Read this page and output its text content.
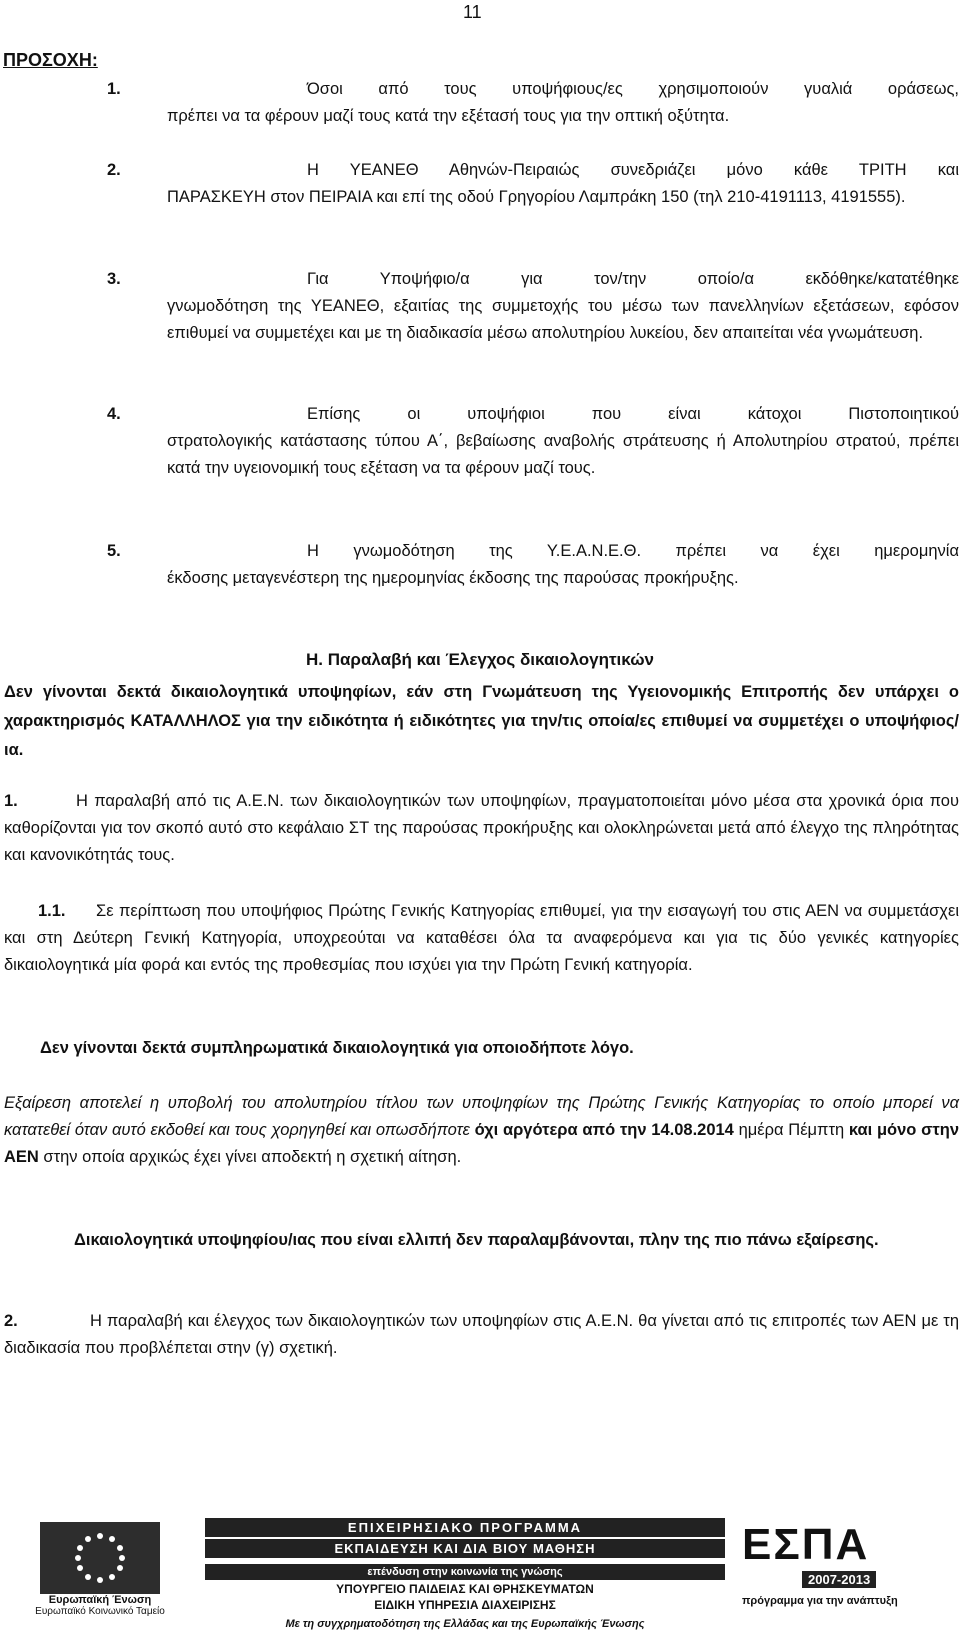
11
ΠΡΟΣΟΧΗ:
1.	Όσοι από τους υποψήφιους/ες χρησιμοποιούν γυαλιά οράσεως,
πρέπει να τα φέρουν μαζί τους κατά την εξέτασή τους για την οπτική οξύτητα.
2.	Η ΥΕΑΝΕΘ Αθηνών-Πειραιώς συνεδριάζει μόνο κάθε ΤΡΙΤΗ και
ΠΑΡΑΣΚΕΥΗ στον ΠΕΙΡΑΙΑ και επί της οδού Γρηγορίου Λαμπράκη 150 (τηλ 210-4191113, 4191555).
3.	Για Υποψήφιο/α για τον/την οποίο/α εκδόθηκε/κατατέθηκε
γνωμοδότηση της ΥΕΑΝΕΘ, εξαιτίας της συμμετοχής του μέσω των πανελληνίων εξετάσεων, εφόσον επιθυμεί να συμμετέχει και με τη διαδικασία μέσω απολυτηρίου λυκείου, δεν απαιτείται νέα γνωμάτευση.
4.	Επίσης οι υποψήφιοι που είναι κάτοχοι Πιστοποιητικού
στρατολογικής κατάστασης τύπου Α΄, βεβαίωσης αναβολής στράτευσης ή Απολυτηρίου στρατού, πρέπει κατά την υγειονομική τους εξέταση να τα φέρουν μαζί τους.
5.	Η γνωμοδότηση της Υ.Ε.Α.Ν.Ε.Θ. πρέπει να έχει ημερομηνία
έκδοσης μεταγενέστερη της ημερομηνίας έκδοσης της παρούσας προκήρυξης.
Η. Παραλαβή και Έλεγχος δικαιολογητικών
Δεν γίνονται δεκτά δικαιολογητικά υποψηφίων, εάν στη Γνωμάτευση της Υγειονομικής Επιτροπής δεν υπάρχει ο χαρακτηρισμός ΚΑΤΑΛΛΗΛΟΣ για την ειδικότητα ή ειδικότητες για την/τις οποία/ες επιθυμεί να συμμετέχει ο υποψήφιος/ια.
1.	Η παραλαβή από τις Α.Ε.Ν. των δικαιολογητικών των υποψηφίων, πραγματοποιείται μόνο μέσα στα χρονικά όρια που καθορίζονται για τον σκοπό αυτό στο κεφάλαιο ΣΤ της παρούσας προκήρυξης και ολοκληρώνεται μετά από έλεγχο της πληρότητας και κανονικότητάς τους.
1.1. Σε περίπτωση που υποψήφιος Πρώτης Γενικής Κατηγορίας επιθυμεί, για την εισαγωγή του στις ΑΕΝ να συμμετάσχει και στη Δεύτερη Γενική Κατηγορία, υποχρεούται να καταθέσει όλα τα αναφερόμενα και για τις δύο γενικές κατηγορίες δικαιολογητικά μία φορά και εντός της προθεσμίας που ισχύει για την Πρώτη Γενική κατηγορία.
Δεν γίνονται δεκτά συμπληρωματικά δικαιολογητικά για οποιοδήποτε λόγο.
Εξαίρεση αποτελεί η υποβολή του απολυτηρίου τίτλου των υποψηφίων της Πρώτης Γενικής Κατηγορίας το οποίο μπορεί να κατατεθεί όταν αυτό εκδοθεί και τους χορηγηθεί και οπωσδήποτε όχι αργότερα από την 14.08.2014 ημέρα Πέμπτη και μόνο στην ΑΕΝ στην οποία αρχικώς έχει γίνει αποδεκτή η σχετική αίτηση.
Δικαιολογητικά υποψηφίου/ιας που είναι ελλιπή δεν παραλαμβάνονται, πλην της πιο πάνω εξαίρεσης.
2.	Η παραλαβή και έλεγχος των δικαιολογητικών των υποψηφίων στις Α.Ε.Ν. θα γίνεται από τις επιτροπές των ΑΕΝ με τη διαδικασία που προβλέπεται στην (γ) σχετική.
Ευρωπαϊκή Ένωση
Ευρωπαϊκό Κοινωνικό Ταμείο
ΕΠΙΧΕΙΡΗΣΙΑΚΟ ΠΡΟΓΡΑΜΜΑ
ΕΚΠΑΙΔΕΥΣΗ ΚΑΙ ΔΙΑ ΒΙΟΥ ΜΑΘΗΣΗ
επένδυση στην κοινωνία της γνώσης
ΥΠΟΥΡΓΕΙΟ ΠΑΙΔΕΙΑΣ ΚΑΙ ΘΡΗΣΚΕΥΜΑΤΩΝ
ΕΙΔΙΚΗ ΥΠΗΡΕΣΙΑ ΔΙΑΧΕΙΡΙΣΗΣ
Με τη συγχρηματοδότηση της Ελλάδας και της Ευρωπαϊκής Ένωσης
ΕΣΠΑ
2007-2013
πρόγραμμα για την ανάπτυξη
